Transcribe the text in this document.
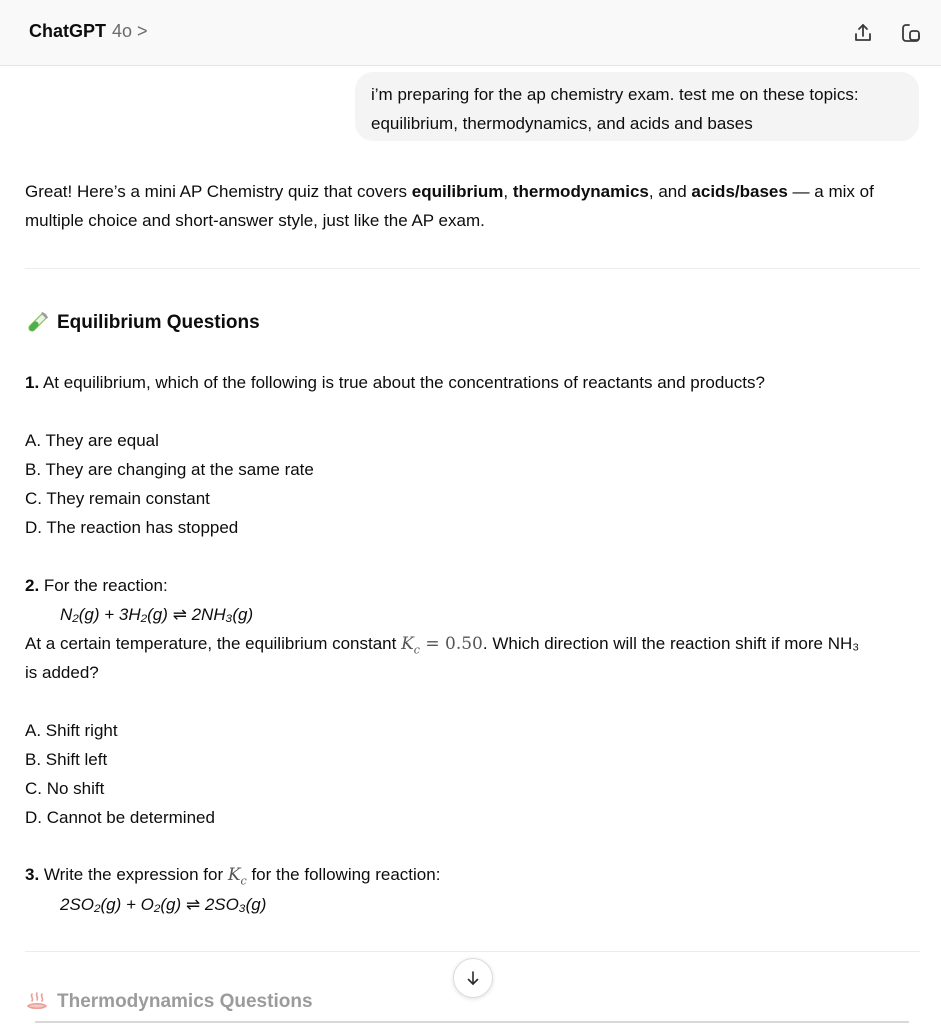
ChatGPT 4o >
i’m preparing for the ap chemistry exam. test me on these topics: equilibrium, thermodynamics, and acids and bases
Great! Here’s a mini AP Chemistry quiz that covers equilibrium, thermodynamics, and acids/bases — a mix of multiple choice and short-answer style, just like the AP exam.
Equilibrium Questions
1. At equilibrium, which of the following is true about the concentrations of reactants and products?
A. They are equal
B. They are changing at the same rate
C. They remain constant
D. The reaction has stopped
2. For the reaction:
N₂(g) + 3H₂(g) ⇌ 2NH₃(g)
At a certain temperature, the equilibrium constant $K_c = 0.50$. Which direction will the reaction shift if more NH₃
is added?
A. Shift right
B. Shift left
C. No shift
D. Cannot be determined
3. Write the expression for $K_c$ for the following reaction:
2SO₂(g) + O₂(g) ⇌ 2SO₃(g)
Thermodynamics Questions
